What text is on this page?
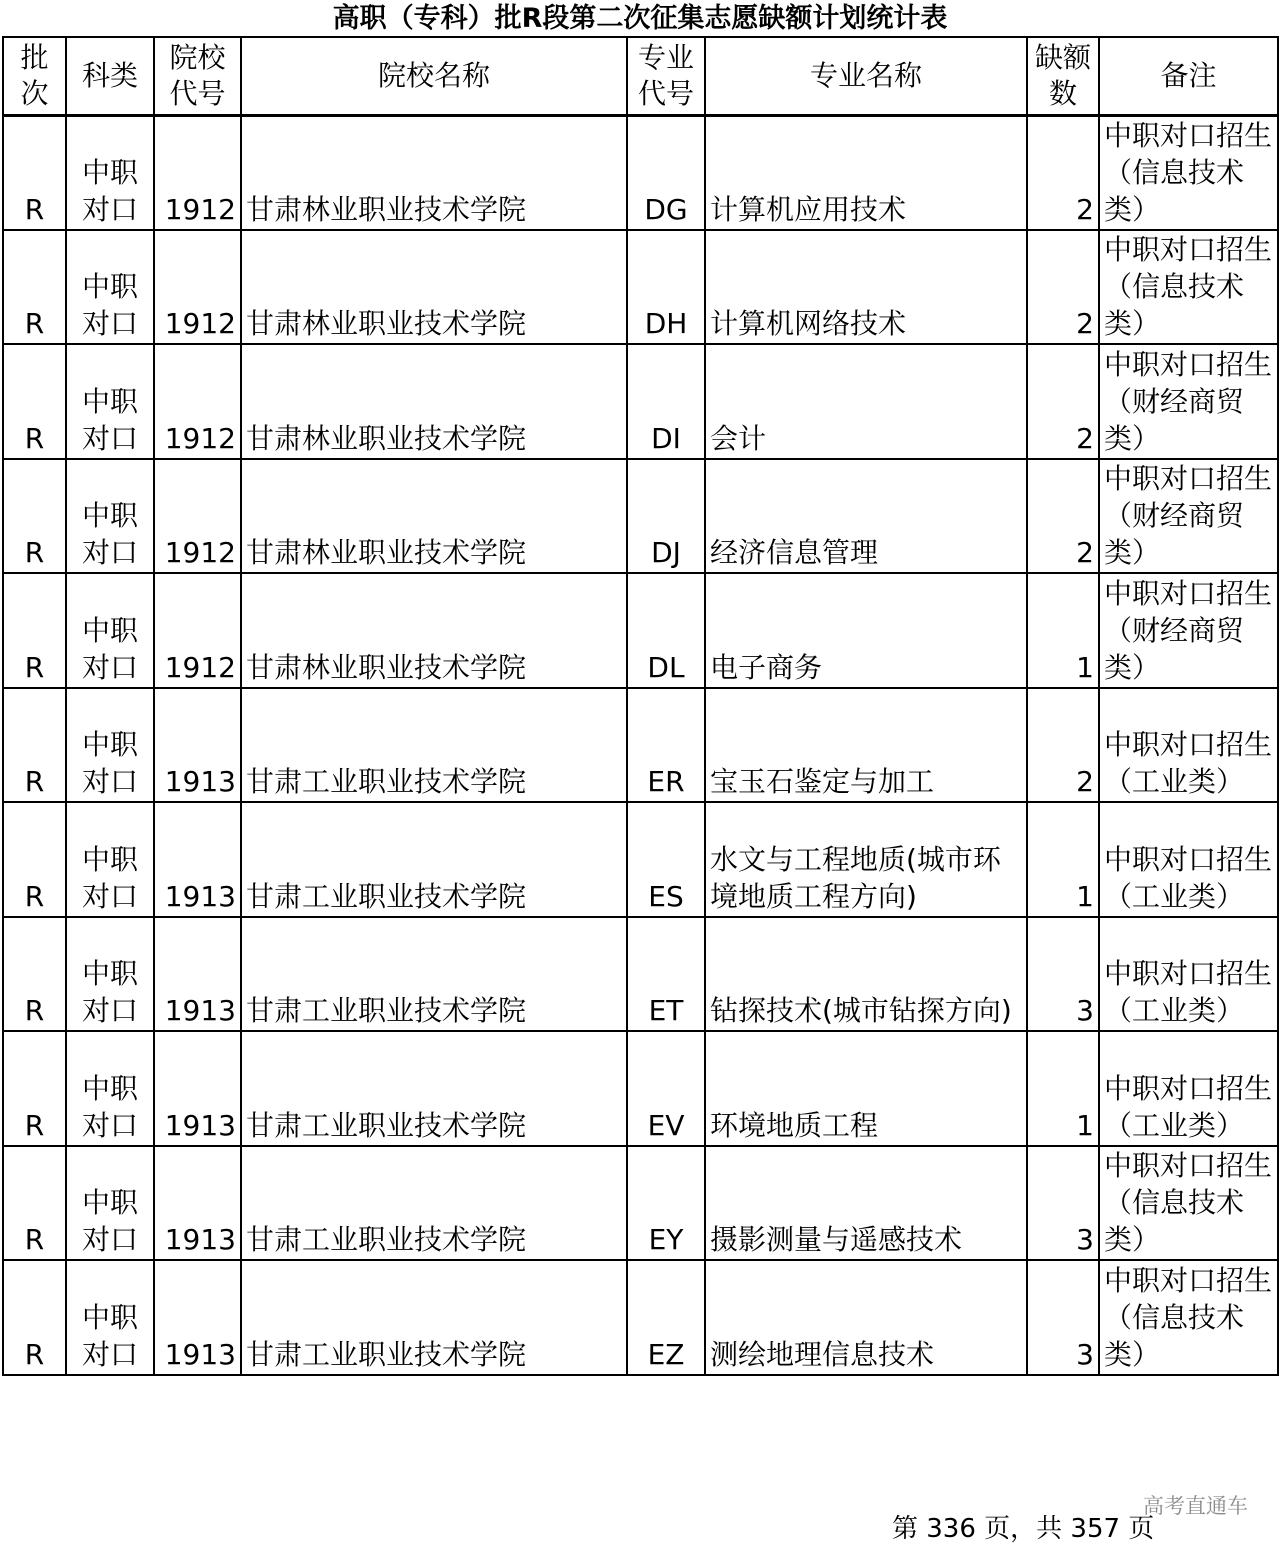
高职（专科）批R段第二次征集志愿缺额计划统计表
批次	科类	院校代号	院校名称	专业代号	专业名称	缺额数	备注
R	中职对口	1912	甘肃林业职业技术学院	DG	计算机应用技术	2	中职对口招生（信息技术类）
R	中职对口	1912	甘肃林业职业技术学院	DH	计算机网络技术	2	中职对口招生（信息技术类）
R	中职对口	1912	甘肃林业职业技术学院	DI	会计	2	中职对口招生（财经商贸类）
R	中职对口	1912	甘肃林业职业技术学院	DJ	经济信息管理	2	中职对口招生（财经商贸类）
R	中职对口	1912	甘肃林业职业技术学院	DL	电子商务	1	中职对口招生（财经商贸类）
R	中职对口	1913	甘肃工业职业技术学院	ER	宝玉石鉴定与加工	2	中职对口招生（工业类）
R	中职对口	1913	甘肃工业职业技术学院	ES	水文与工程地质(城市环境地质工程方向)	1	中职对口招生（工业类）
R	中职对口	1913	甘肃工业职业技术学院	ET	钻探技术(城市钻探方向)	3	中职对口招生（工业类）
R	中职对口	1913	甘肃工业职业技术学院	EV	环境地质工程	1	中职对口招生（工业类）
R	中职对口	1913	甘肃工业职业技术学院	EY	摄影测量与遥感技术	3	中职对口招生（信息技术类）
R	中职对口	1913	甘肃工业职业技术学院	EZ	测绘地理信息技术	3	中职对口招生（信息技术类）
高考直通车
第 336 页，共 357 页
